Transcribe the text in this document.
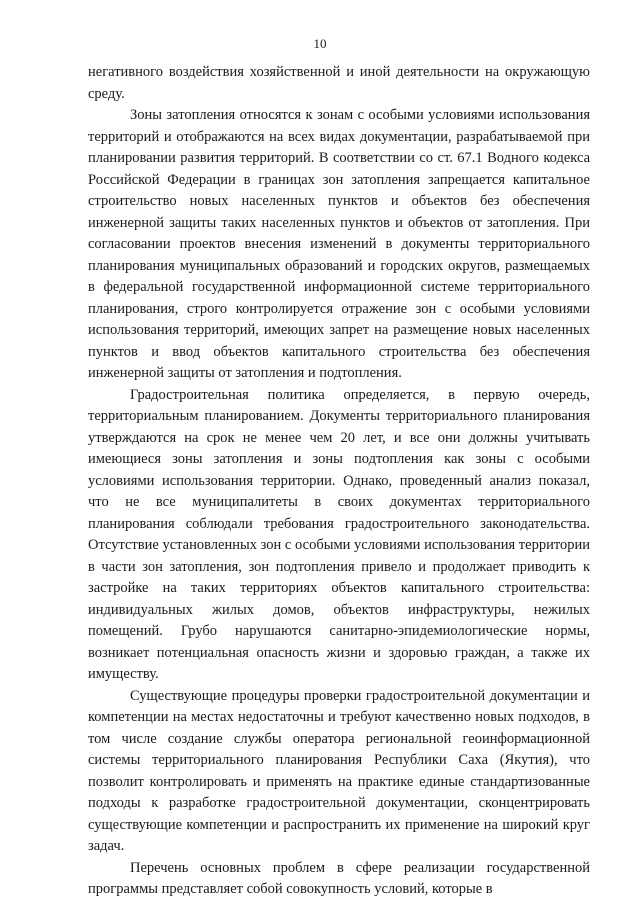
10

негативного воздействия хозяйственной и иной деятельности на окружающую среду.

Зоны затопления относятся к зонам с особыми условиями использования территорий и отображаются на всех видах документации, разрабатываемой при планировании развития территорий. В соответствии со ст. 67.1 Водного кодекса Российской Федерации в границах зон затопления запрещается капитальное строительство новых населенных пунктов и объектов без обеспечения инженерной защиты таких населенных пунктов и объектов от затопления. При согласовании проектов внесения изменений в документы территориального планирования муниципальных образований и городских округов, размещаемых в федеральной государственной информационной системе территориального планирования, строго контролируется отражение зон с особыми условиями использования территорий, имеющих запрет на размещение новых населенных пунктов и ввод объектов капитального строительства без обеспечения инженерной защиты от затопления и подтопления.

Градостроительная политика определяется, в первую очередь, территориальным планированием. Документы территориального планирования утверждаются на срок не менее чем 20 лет, и все они должны учитывать имеющиеся зоны затопления и зоны подтопления как зоны с особыми условиями использования территории. Однако, проведенный анализ показал, что не все муниципалитеты в своих документах территориального планирования соблюдали требования градостроительного законодательства. Отсутствие установленных зон с особыми условиями использования территории в части зон затопления, зон подтопления привело и продолжает приводить к застройке на таких территориях объектов капитального строительства: индивидуальных жилых домов, объектов инфраструктуры, нежилых помещений. Грубо нарушаются санитарно-эпидемиологические нормы, возникает потенциальная опасность жизни и здоровью граждан, а также их имуществу.

Существующие процедуры проверки градостроительной документации и компетенции на местах недостаточны и требуют качественно новых подходов, в том числе создание службы оператора региональной геоинформационной системы территориального планирования Республики Саха (Якутия), что позволит контролировать и применять на практике единые стандартизованные подходы к разработке градостроительной документации, сконцентрировать существующие компетенции и распространить их применение на широкий круг задач.

Перечень основных проблем в сфере реализации государственной программы представляет собой совокупность условий, которые в
